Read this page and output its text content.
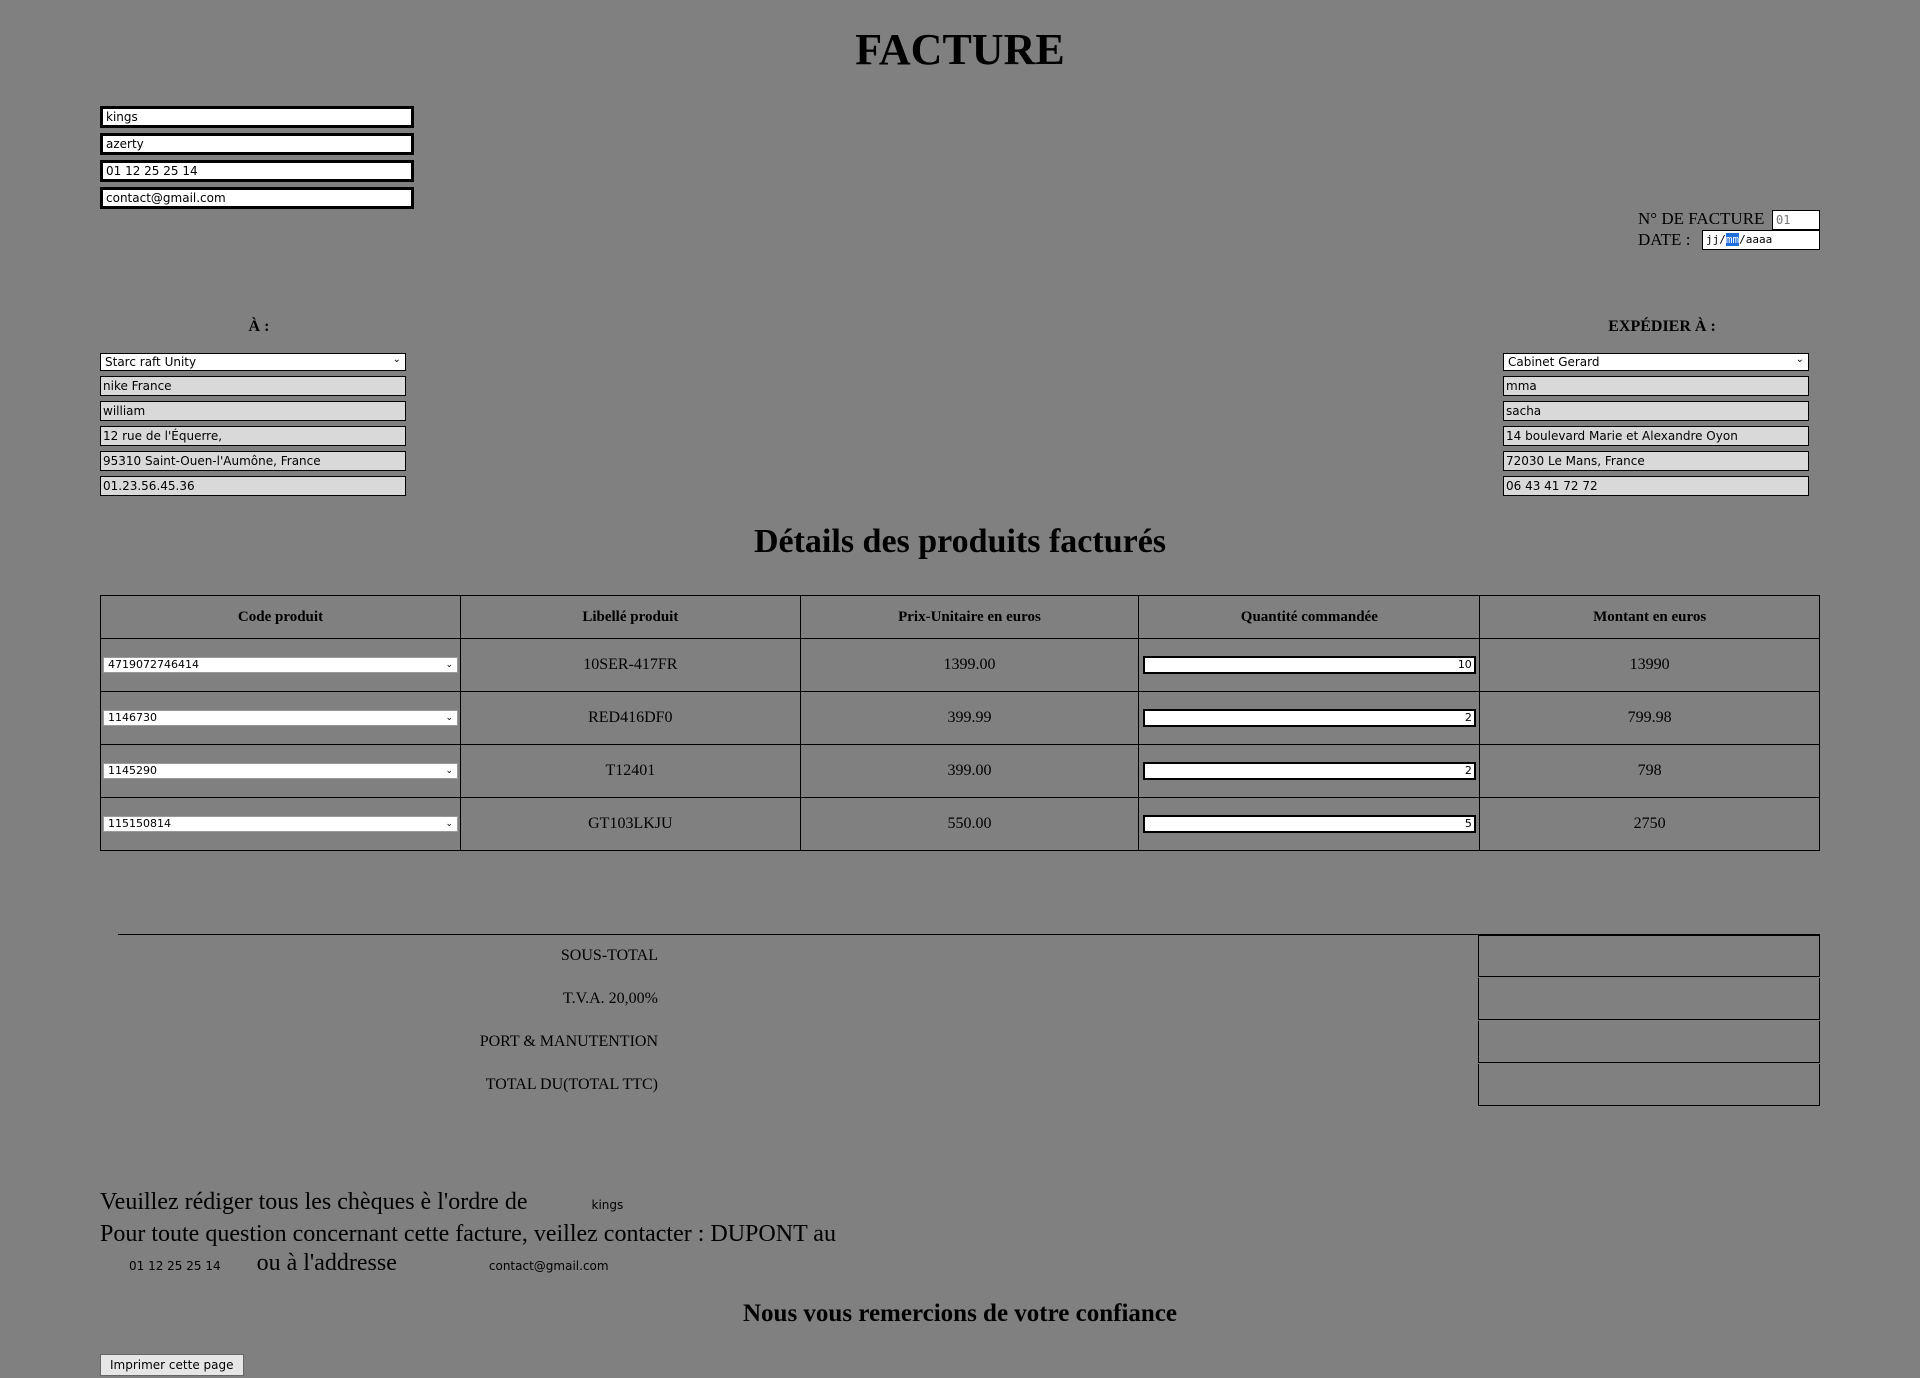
FACTURE
kings
azerty
01 12 25 25 14
contact@gmail.com
N° DE FACTURE
01
DATE :	jj/mm/aaaa
À :
Starc raft Unity	⌄
nike France
william
12 rue de l'Équerre,
95310 Saint-Ouen-l'Aumône, France
01.23.56.45.36
EXPÉDIER À :
Cabinet Gerard	⌄
mma
sacha
14 boulevard Marie et Alexandre Oyon
72030 Le Mans, France
06 43 41 72 72
Détails des produits facturés
Code produit	Libellé produit	Prix-Unitaire en euros	Quantité commandée	Montant en euros

4719072746414 ⌄	10SER-417FR	1399.00	10	13990

1146730 ⌄	RED416DF0	399.99	2	799.98

1145290 ⌄	T12401	399.00	2	798

115150814 ⌄	GT103LKJU	550.00	5	2750
SOUS-TOTAL
T.V.A. 20,00%
PORT & MANUTENTION
TOTAL DU(TOTAL TTC)
Veuillez rédiger tous les chèques è l'ordre de	kings
Pour toute question concernant cette facture, veillez contacter : DUPONT au
01 12 25 25 14 ou à l'addresse	contact@gmail.com
Nous vous remercions de votre confiance
Imprimer cette page
